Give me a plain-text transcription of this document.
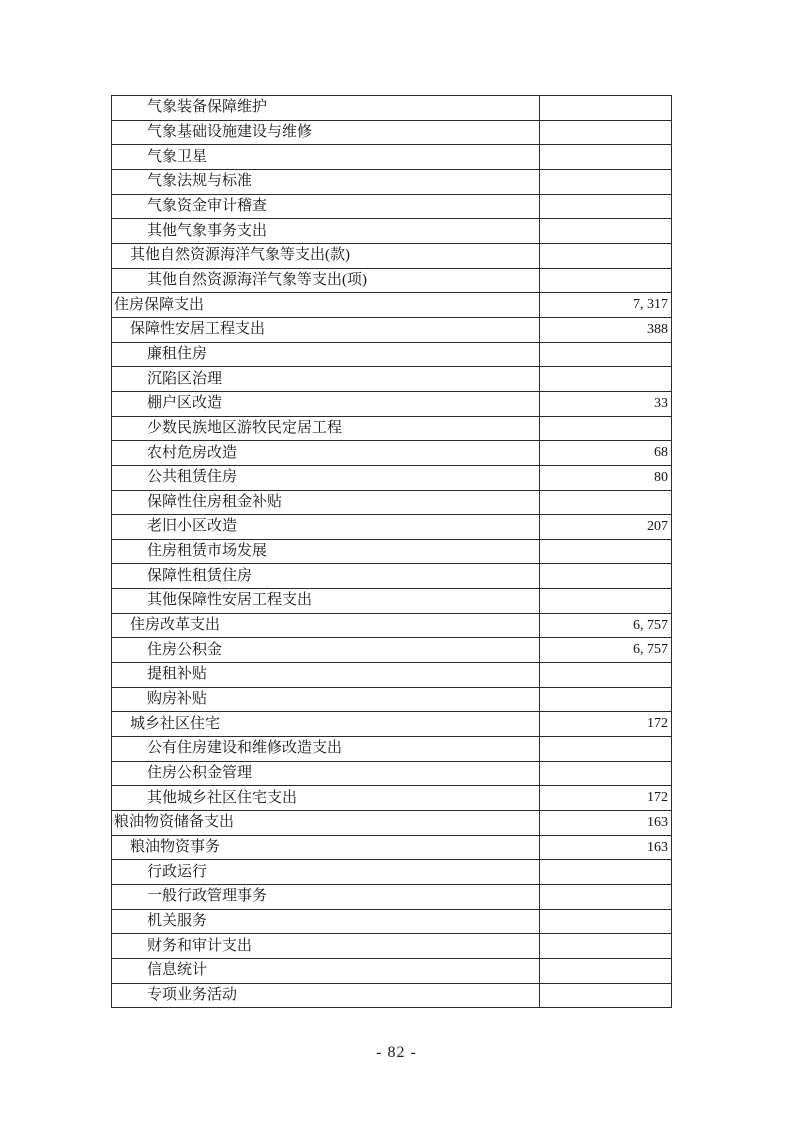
气象装备保障维护
气象基础设施建设与维修
气象卫星
气象法规与标准
气象资金审计稽查
其他气象事务支出
其他自然资源海洋气象等支出(款)
其他自然资源海洋气象等支出(项)
住房保障支出	7, 317
保障性安居工程支出	388
廉租住房
沉陷区治理
棚户区改造	33
少数民族地区游牧民定居工程
农村危房改造	68
公共租赁住房	80
保障性住房租金补贴
老旧小区改造	207
住房租赁市场发展
保障性租赁住房
其他保障性安居工程支出
住房改革支出	6, 757
住房公积金	6, 757
提租补贴
购房补贴
城乡社区住宅	172
公有住房建设和维修改造支出
住房公积金管理
其他城乡社区住宅支出	172
粮油物资储备支出	163
粮油物资事务	163
行政运行
一般行政管理事务
机关服务
财务和审计支出
信息统计
专项业务活动
- 82 -
